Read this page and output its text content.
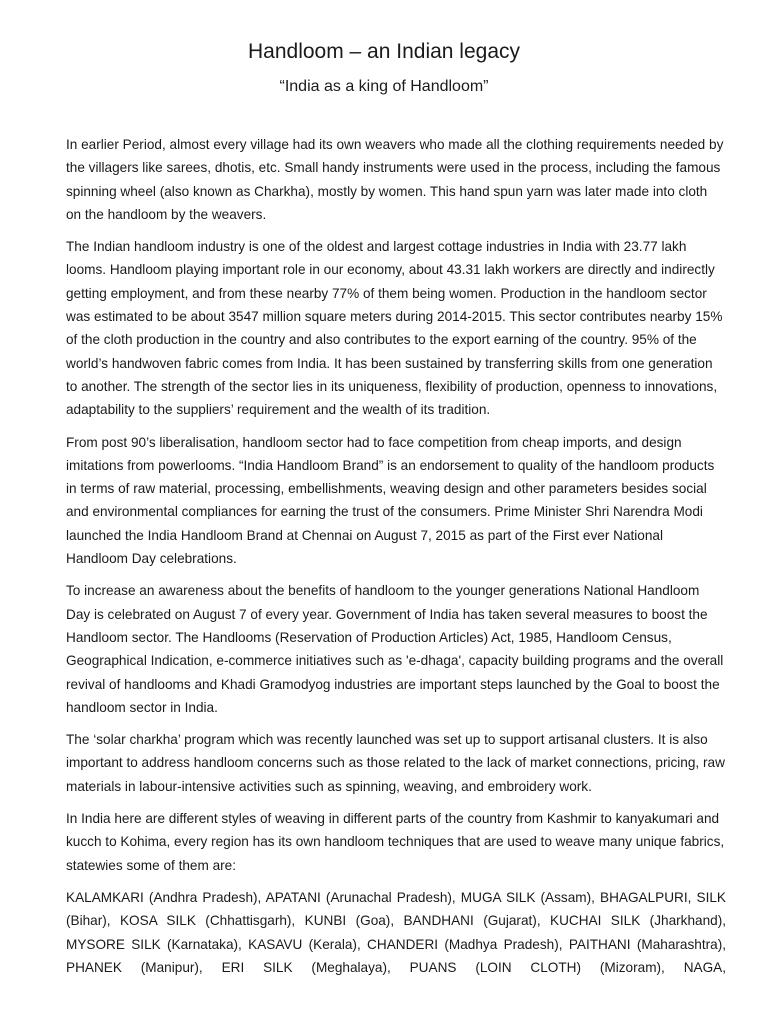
Handloom – an Indian legacy

“India as a king of Handloom”

In earlier Period, almost every village had its own weavers who made all the clothing requirements needed by the villagers like sarees, dhotis, etc. Small handy instruments were used in the process, including the famous spinning wheel (also known as Charkha), mostly by women. This hand spun yarn was later made into cloth on the handloom by the weavers.

The Indian handloom industry is one of the oldest and largest cottage industries in India with 23.77 lakh looms. Handloom playing important role in our economy, about 43.31 lakh workers are directly and indirectly getting employment, and from these nearby 77% of them being women. Production in the handloom sector was estimated to be about 3547 million square meters during 2014-2015. This sector contributes nearby 15% of the cloth production in the country and also contributes to the export earning of the country. 95% of the world’s handwoven fabric comes from India. It has been sustained by transferring skills from one generation to another. The strength of the sector lies in its uniqueness, flexibility of production, openness to innovations, adaptability to the suppliers’ requirement and the wealth of its tradition.

From post 90’s liberalisation, handloom sector had to face competition from cheap imports, and design imitations from powerlooms. “India Handloom Brand” is an endorsement to quality of the handloom products in terms of raw material, processing, embellishments, weaving design and other parameters besides social and environmental compliances for earning the trust of the consumers. Prime Minister Shri Narendra Modi launched the India Handloom Brand at Chennai on August 7, 2015 as part of the First ever National Handloom Day celebrations.

To increase an awareness about the benefits of handloom to the younger generations National Handloom Day is celebrated on August 7 of every year. Government of India has taken several measures to boost the Handloom sector. The Handlooms (Reservation of Production Articles) Act, 1985, Handloom Census, Geographical Indication, e-commerce initiatives such as 'e-dhaga', capacity building programs and the overall revival of handlooms and Khadi Gramodyog industries are important steps launched by the Goal to boost the handloom sector in India.

The ‘solar charkha’ program which was recently launched was set up to support artisanal clusters. It is also important to address handloom concerns such as those related to the lack of market connections, pricing, raw materials in labour-intensive activities such as spinning, weaving, and embroidery work.

In India here are different styles of weaving in different parts of the country from Kashmir to kanyakumari and kucch to Kohima, every region has its own handloom techniques that are used to weave many unique fabrics, statewies some of them are:

KALAMKARI (Andhra Pradesh), APATANI (Arunachal Pradesh), MUGA SILK (Assam), BHAGALPURI, SILK (Bihar), KOSA SILK (Chhattisgarh), KUNBI (Goa), BANDHANI (Gujarat), KUCHAI SILK (Jharkhand), MYSORE SILK (Karnataka), KASAVU (Kerala), CHANDERI (Madhya Pradesh), PAITHANI (Maharashtra), PHANEK (Manipur), ERI SILK (Meghalaya), PUANS (LOIN CLOTH) (Mizoram), NAGA,
